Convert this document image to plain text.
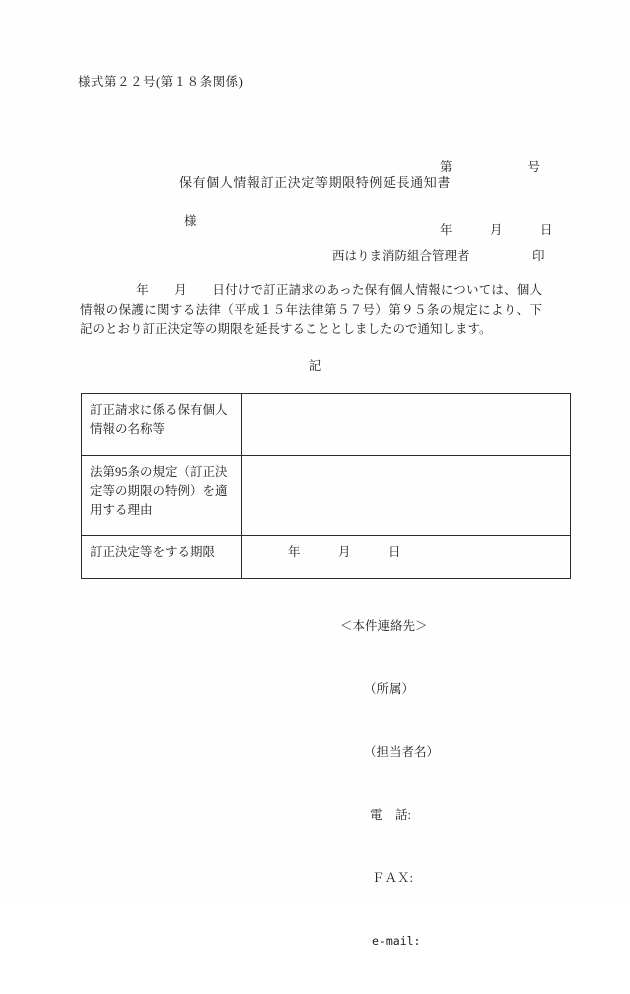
様式第２２号(第１８条関係)

第　　　　　　号

年　　　月　　　日

保有個人情報訂正決定等期限特例延長通知書
様
西はりま消防組合管理者　　　　　印
年　　月　　日付けで訂正請求のあった保有個人情報については、個人情報の保護に関する法律（平成１５年法律第５７号）第９５条の規定により、下記のとおり訂正決定等の期限を延長することとしましたので通知します。
記
訂正請求に係る保有個人情報の名称等	
法第95条の規定（訂正決定等の期限の特例）を適用する理由	
訂正決定等をする期限	年　　　月　　　日

＜本件連絡先＞

（所属）

（担当者名）

電　話:

ＦＡＸ:

e-mail:
